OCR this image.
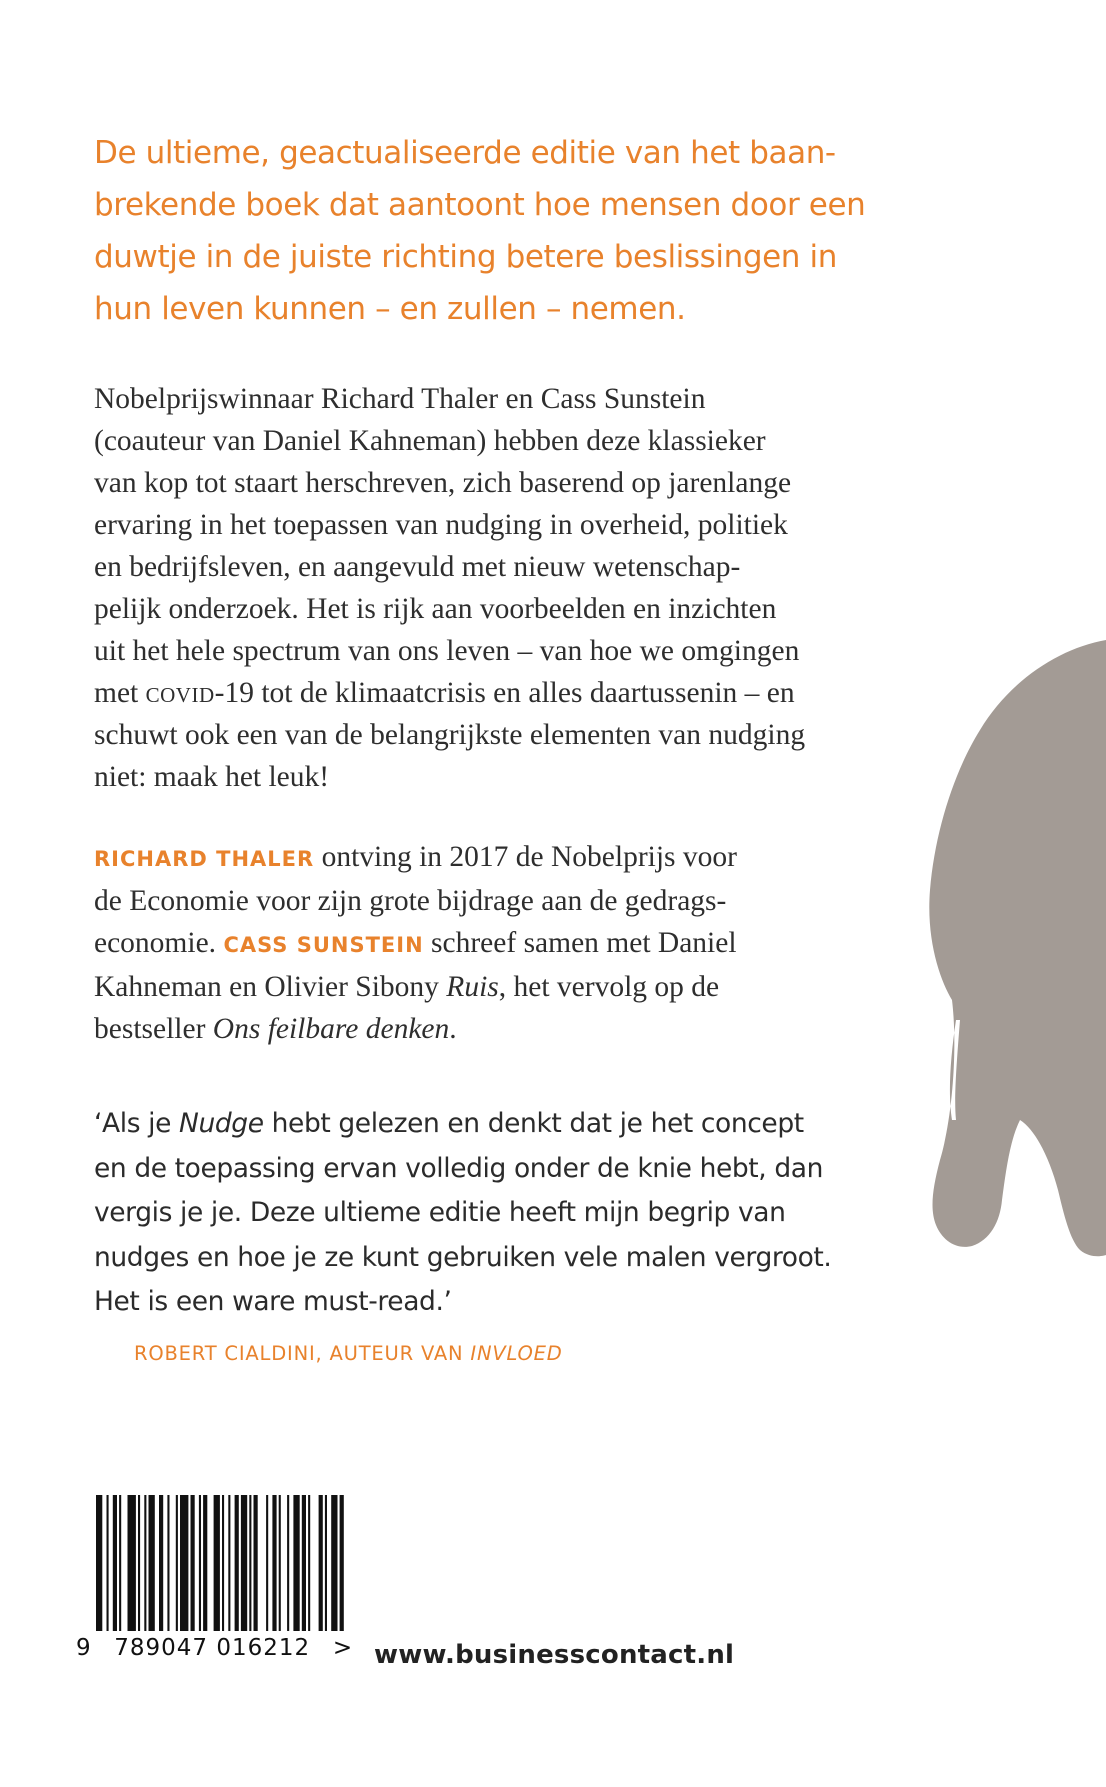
De ultieme, geactualiseerde editie van het baan-
brekende boek dat aantoont hoe mensen door een
duwtje in de juiste richting betere beslissingen in
hun leven kunnen – en zullen – nemen.
Nobelprijswinnaar Richard Thaler en Cass Sunstein
(coauteur van Daniel Kahneman) hebben deze klassieker
van kop tot staart herschreven, zich baserend op jarenlange
ervaring in het toepassen van nudging in overheid, politiek
en bedrijfsleven, en aangevuld met nieuw wetenschap-
pelijk onderzoek. Het is rijk aan voorbeelden en inzichten
uit het hele spectrum van ons leven – van hoe we omgingen
met covid-19 tot de klimaatcrisis en alles daartussenin – en
schuwt ook een van de belangrijkste elementen van nudging
niet: maak het leuk!
RICHARD THALER ontving in 2017 de Nobelprijs voor
de Economie voor zijn grote bijdrage aan de gedrags-
economie. CASS SUNSTEIN schreef samen met Daniel
Kahneman en Olivier Sibony Ruis, het vervolg op de
bestseller Ons feilbare denken.
‘Als je Nudge hebt gelezen en denkt dat je het concept
en de toepassing ervan volledig onder de knie hebt, dan
vergis je je. Deze ultieme editie heeft mijn begrip van
nudges en hoe je ze kunt gebruiken vele malen vergroot.
Het is een ware must-read.’
ROBERT CIALDINI, AUTEUR VAN INVLOED
9 789047 016212 > www.businesscontact.nl
